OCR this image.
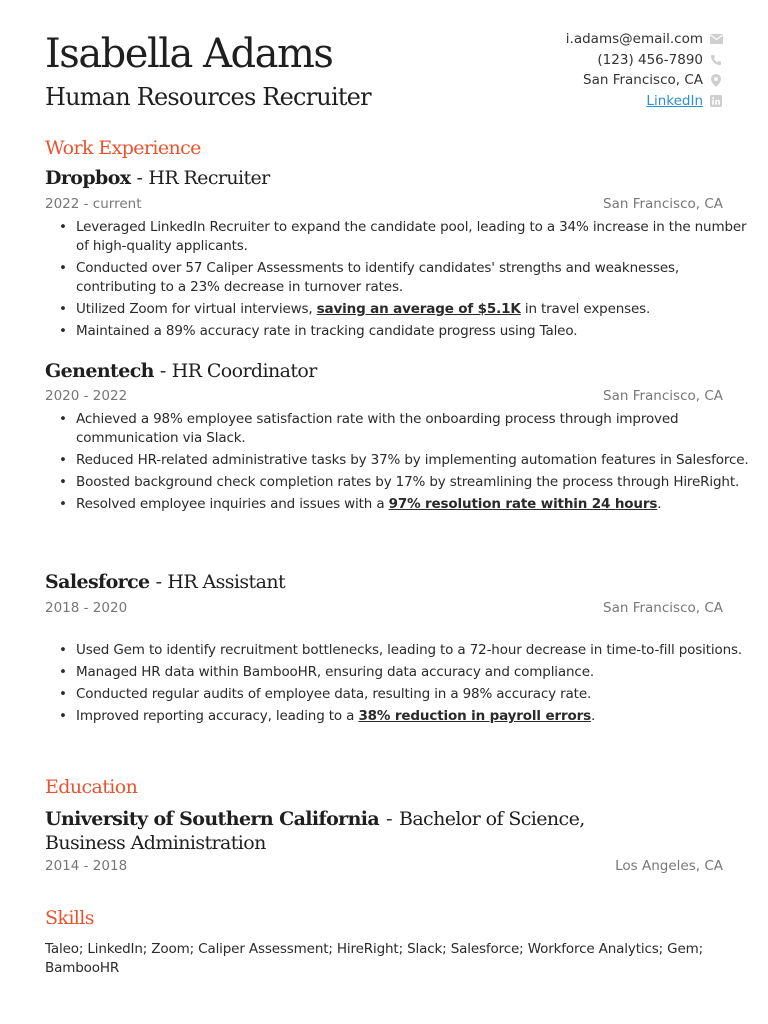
Isabella Adams
Human Resources Recruiter
i.adams@email.com
(123) 456-7890
San Francisco, CA
LinkedIn
Work Experience
Dropbox - HR Recruiter
2022 - current	San Francisco, CA
• Leveraged LinkedIn Recruiter to expand the candidate pool, leading to a 34% increase in the number of high-quality applicants.
• Conducted over 57 Caliper Assessments to identify candidates' strengths and weaknesses, contributing to a 23% decrease in turnover rates.
• Utilized Zoom for virtual interviews, saving an average of $5.1K in travel expenses.
• Maintained a 89% accuracy rate in tracking candidate progress using Taleo.
Genentech - HR Coordinator
2020 - 2022	San Francisco, CA
• Achieved a 98% employee satisfaction rate with the onboarding process through improved communication via Slack.
• Reduced HR-related administrative tasks by 37% by implementing automation features in Salesforce.
• Boosted background check completion rates by 17% by streamlining the process through HireRight.
• Resolved employee inquiries and issues with a 97% resolution rate within 24 hours.
Salesforce - HR Assistant
2018 - 2020	San Francisco, CA
• Used Gem to identify recruitment bottlenecks, leading to a 72-hour decrease in time-to-fill positions.
• Managed HR data within BambooHR, ensuring data accuracy and compliance.
• Conducted regular audits of employee data, resulting in a 98% accuracy rate.
• Improved reporting accuracy, leading to a 38% reduction in payroll errors.
Education
University of Southern California - Bachelor of Science, Business Administration
2014 - 2018	Los Angeles, CA
Skills
Taleo; LinkedIn; Zoom; Caliper Assessment; HireRight; Slack; Salesforce; Workforce Analytics; Gem; BambooHR
